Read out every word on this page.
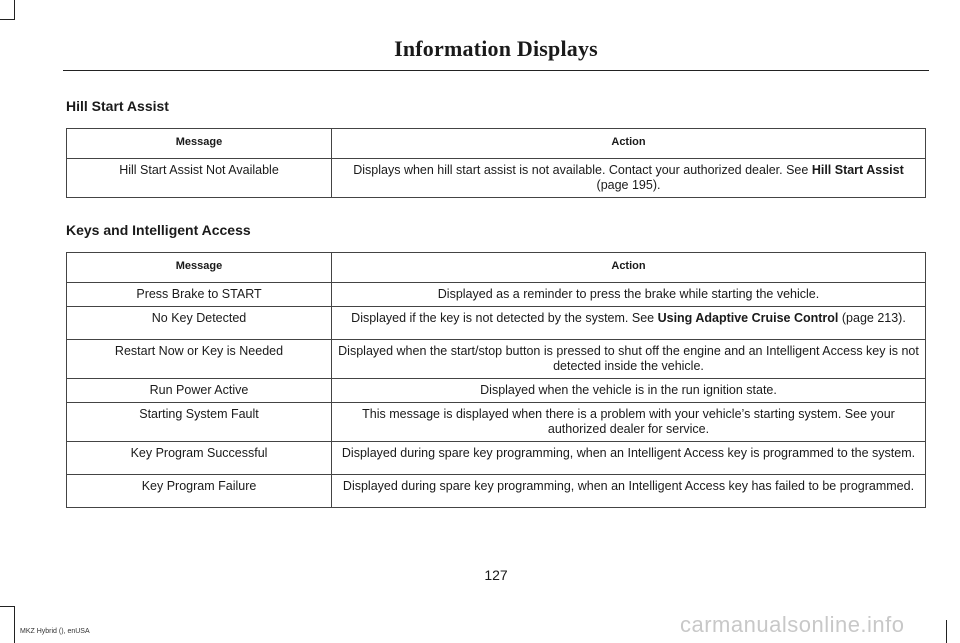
Information Displays
Hill Start Assist
Message	Action
Hill Start Assist Not Available	Displays when hill start assist is not available. Contact your authorized dealer. See Hill Start Assist (page 195).
Keys and Intelligent Access
Message	Action
Press Brake to START	Displayed as a reminder to press the brake while starting the vehicle.
No Key Detected	Displayed if the key is not detected by the system. See Using Adaptive Cruise Control (page 213).
Restart Now or Key is Needed	Displayed when the start/stop button is pressed to shut off the engine and an Intelligent Access key is not detected inside the vehicle.
Run Power Active	Displayed when the vehicle is in the run ignition state.
Starting System Fault	This message is displayed when there is a problem with your vehicle’s starting system. See your authorized dealer for service.
Key Program Successful	Displayed during spare key programming, when an Intelligent Access key is programmed to the system.
Key Program Failure	Displayed during spare key programming, when an Intelligent Access key has failed to be programmed.
127
MKZ Hybrid (), enUSA	carmanualsonline.info
